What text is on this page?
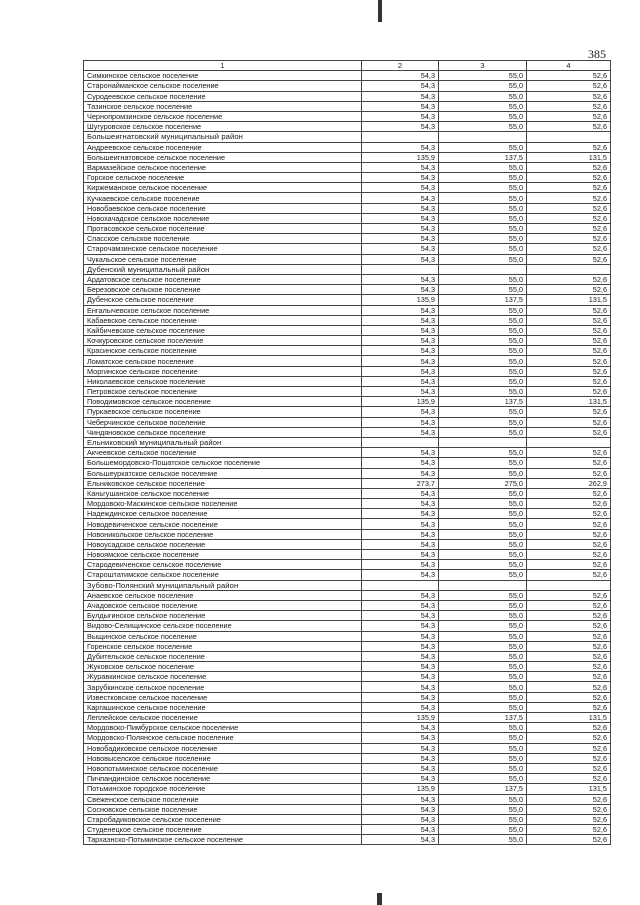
385
1	2	3	4
Симкинское сельское поселение	54,3	55,0	52,6
Старонайманское сельское поселение	54,3	55,0	52,6
Суродеевское сельское поселение	54,3	55,0	52,6
Тазинское сельское поселение	54,3	55,0	52,6
Чернопромзинское сельское поселение	54,3	55,0	52,6
Шугуровское сельское поселение	54,3	55,0	52,6
Большеигнатовский муниципальный район			
Андреевское сельское поселение	54,3	55,0	52,6
Большеигнатовское сельское поселение	135,9	137,5	131,5
Вармазейское сельское поселение	54,3	55,0	52,6
Горское сельское поселение	54,3	55,0	52,6
Киржеманское сельское поселение	54,3	55,0	52,6
Кучкаевское сельское поселение	54,3	55,0	52,6
Новобаевское сельское поселение	54,3	55,0	52,6
Новохачадское сельское поселение	54,3	55,0	52,6
Протасовское сельское поселение	54,3	55,0	52,6
Спасское сельское поселение	54,3	55,0	52,6
Старочамзинское сельское поселение	54,3	55,0	52,6
Чукальское сельское поселение	54,3	55,0	52,6
Дубенский муниципальный район			
Ардатовское сельское поселение	54,3	55,0	52,6
Березовское сельское поселение	54,3	55,0	52,6
Дубенское сельское поселение	135,9	137,5	131,5
Енгалычевское сельское поселение	54,3	55,0	52,6
Кабаевское сельское поселение	54,3	55,0	52,6
Кайбичевское сельское поселение	54,3	55,0	52,6
Кочкуровское сельское поселение	54,3	55,0	52,6
Красинское сельское поселение	54,3	55,0	52,6
Ломатское сельское поселение	54,3	55,0	52,6
Моргинское сельское поселение	54,3	55,0	52,6
Николаевское сельское поселение	54,3	55,0	52,6
Петровское сельское поселение	54,3	55,0	52,6
Поводимовское сельское поселение	135,9	137,5	131,5
Пуркаевское сельское поселение	54,3	55,0	52,6
Чеберчинское сельское поселение	54,3	55,0	52,6
Чиндяновское сельское поселение	54,3	55,0	52,6
Ельниковский муниципальный район			
Акчеевское сельское поселение	54,3	55,0	52,6
Большемордовско-Пошатское сельское поселение	54,3	55,0	52,6
Большеуркатское сельское поселение	54,3	55,0	52,6
Ельниковское сельское поселение	273,7	275,0	262,9
Каньгушанское сельское поселение	54,3	55,0	52,6
Мордовско-Маскинское сельское поселение	54,3	55,0	52,6
Надеждинское сельское поселение	54,3	55,0	52,6
Новодевиченское сельское поселение	54,3	55,0	52,6
Новоникольское сельское поселение	54,3	55,0	52,6
Новоусадское сельское поселение	54,3	55,0	52,6
Новоямское сельское поселение	54,3	55,0	52,6
Стародевиченское сельское поселение	54,3	55,0	52,6
Староштатимское сельское поселение	54,3	55,0	52,6
Зубово-Полянский муниципальный район			
Анаевское сельское поселение	54,3	55,0	52,6
Ачадовское сельское поселение	54,3	55,0	52,6
Булдыгинское сельское поселение	54,3	55,0	52,6
Видово-Селищинское сельское поселение	54,3	55,0	52,6
Выщинское сельское поселение	54,3	55,0	52,6
Горенское сельское поселение	54,3	55,0	52,6
Дубительское сельское поселение	54,3	55,0	52,6
Жуковское сельское поселение	54,3	55,0	52,6
Журавкинское сельское поселение	54,3	55,0	52,6
Зарубкинское сельское поселение	54,3	55,0	52,6
Известковское сельское поселение	54,3	55,0	52,6
Каргашинское сельское поселение	54,3	55,0	52,6
Леплейское сельское поселение	135,9	137,5	131,5
Мордовско-Пимбурское сельское поселение	54,3	55,0	52,6
Мордовско-Полянское сельское поселение	54,3	55,0	52,6
Новобадиковское сельское поселение	54,3	55,0	52,6
Нововыселское сельское поселение	54,3	55,0	52,6
Новопотьминское сельское поселение	54,3	55,0	52,6
Пичпандинское сельское поселение	54,3	55,0	52,6
Потьминское городское поселение	135,9	137,5	131,5
Свеженское сельское поселение	54,3	55,0	52,6
Сосновское сельское поселение	54,3	55,0	52,6
Старобадиковское сельское поселение	54,3	55,0	52,6
Студенецкое сельское поселение	54,3	55,0	52,6
Тархаэнско-Потьминское сельское поселение	54,3	55,0	52,6
